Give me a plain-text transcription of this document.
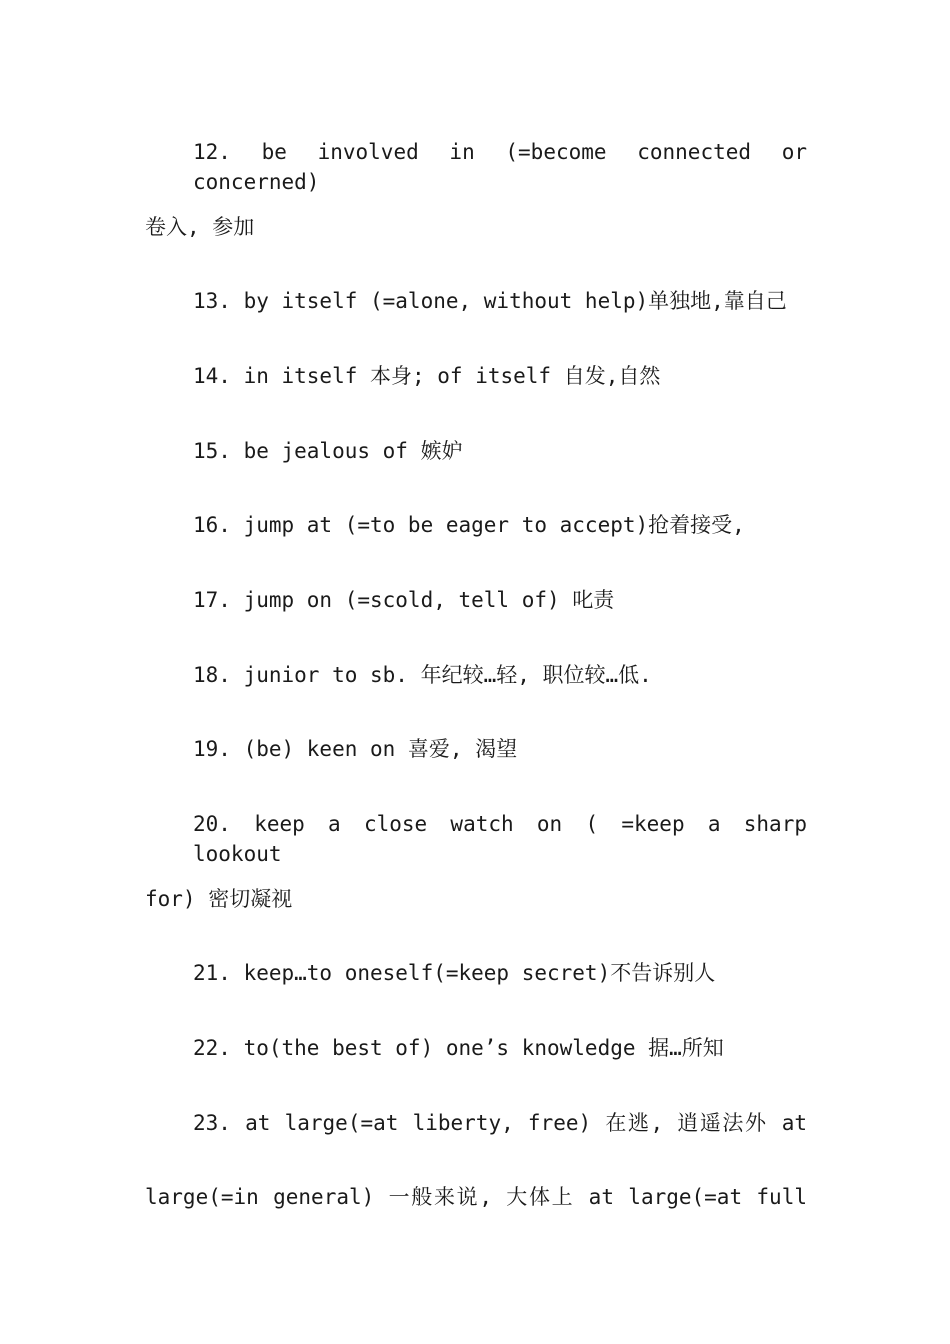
12. be involved in (=become connected or concerned)
卷入, 参加
13. by itself (=alone, without help)单独地,靠自己
14. in itself 本身; of itself 自发,自然
15. be jealous of 嫉妒
16. jump at (=to be eager to accept)抢着接受,
17. jump on (=scold, tell of) 叱责
18. junior to sb. 年纪较…轻, 职位较…低.
19. (be) keen on 喜爱, 渴望
20. keep a close watch on ( =keep a sharp lookout
for) 密切凝视
21. keep…to oneself(=keep secret)不告诉别人
22. to(the best of) one’s knowledge 据…所知
23. at large(=at liberty, free) 在逃, 逍遥法外 at
large(=in general) 一般来说, 大体上 at large(=at full
